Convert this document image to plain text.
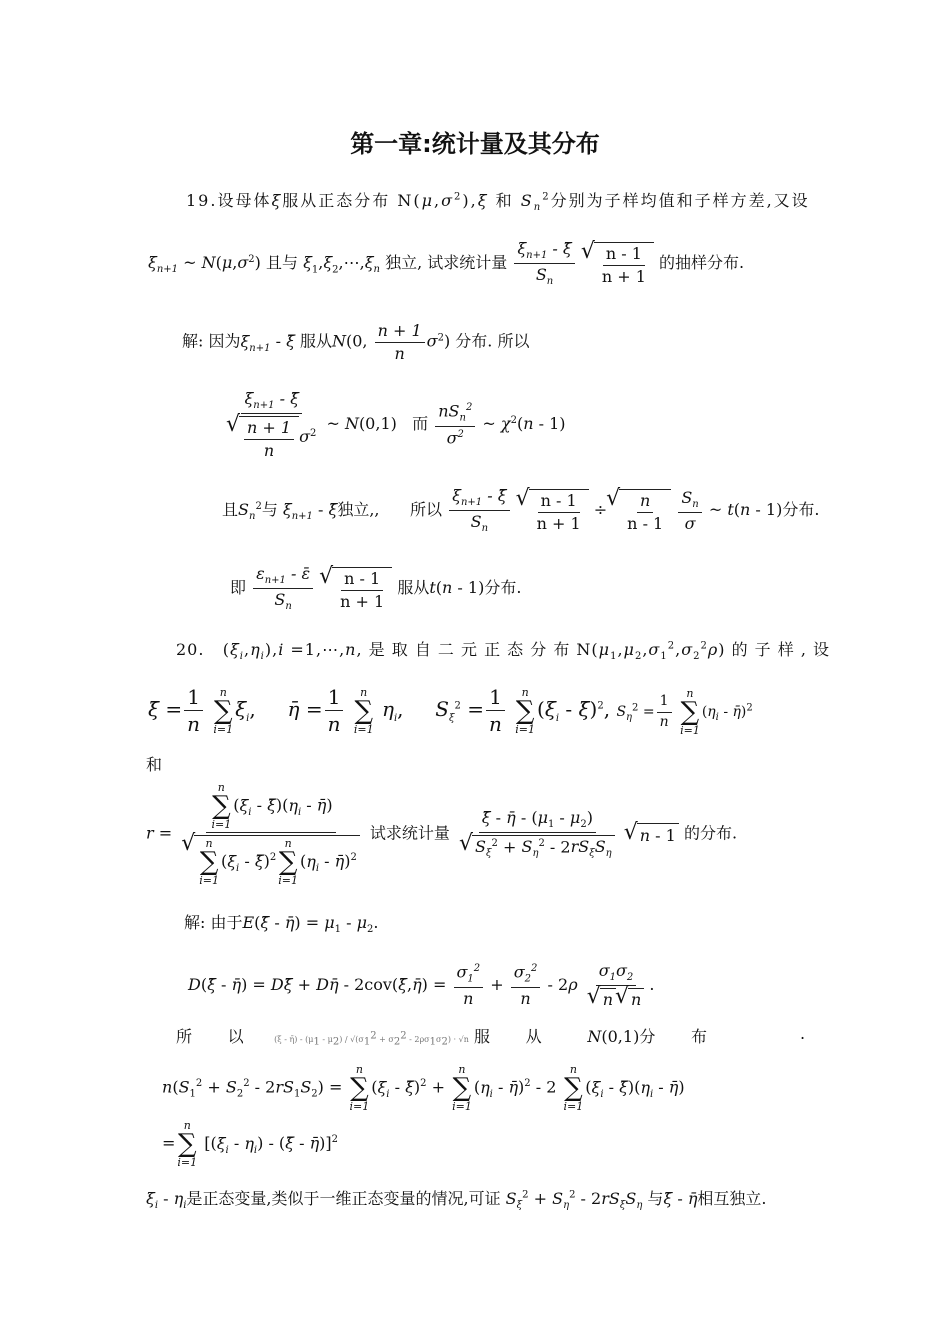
第一章:统计量及其分布
19.设母体ξ服从正态分布 $N(\mu,\sigma^2),\xi$ 和 $S_n^2$分别为子样均值和子样方差,又设
$\xi_{n+1}$ ~ $N(\mu,\sigma^2)$ 且与 $\xi_1,\xi_2,\cdots,\xi_n$ 独立, 试求统计量 $\frac{\xi_{n+1} - \xī}{S_n}$
√ $\frac{n - 1}{n + 1}$ 的抽样分布.
解: 因为$\xi_{n+1}$ - ξ̄ 服从N(0, $\frac{n + 1}{n} \sigma^2$) 分布. 所以
$\xi_{n+1}$ - ξ̄
√ $\frac{n + 1}{n} \sigma^2$ ~ N(0,1)   而 $\frac{nS_n^2}{\sigma^2}$ ~ $\chi^2(n - 1)$
且$S_n^2$与 $\xi_{n+1}$ - ξ̄独立,, 所以 $\frac{\xi_{n+1} - \xī}{S_n}$
√ $\frac{n - 1}{n + 1}$ ÷ √ $\frac{n}{n - 1}$
$\frac{S_n}{\sigma}$ ~ t(n - 1)分布.
即 $\frac{\varepsilon_{n+1} - \varepsilon̄}{S_n}$
√ $\frac{n - 1}{n + 1}$ 服从t(n - 1)分布.
20.   $(\xi_i,\eta_i),i$ =1,⋯,n, 是 取 自 二 元 正 态 分 布 $N(\mu_1,\mu_2,\sigma_1^2,\sigma_2^2\rho)$ 的 子 样 , 设
ξ̄ = $\frac{1}{n}$
n
∑
i=1
$\xi_i$,     η̄ = $\frac{1}{n}$
n
∑
i=1
$\eta_i$,     $S_\xi^2 = \frac{1}{n}$
n
∑
i=1
($\xi_i$ - ξ̄)$^2$, $S_\eta^2 = \frac{1}{n}$

n
∑
i=1
($\eta_i$ - η̄)$^2$
和
r = n
∑
i=1
($\xi_i$ - $\xī)(\eta_i$ - η̄)
√ n
∑
i=1
($\xi_i$ - ξ̄)$^2$
n
∑
i=1
($\eta_i$ - η̄)$^2$ 试求统计量 ξ̄ - η̄ - $(\mu_1 - \mu_2)$
√ $S_\xi^2 + S_\eta^2 - 2rS_\xi S_\eta$ √ n - 1 的分布.
解: 由于E(ξ̄ - η̄) = $\mu_1 - \mu_2$.
D(ξ̄ - η̄) = Dξ̄ + Dη̄ - 2cov(ξ̄,η̄) = $\frac{\sigma_1^2}{n} + \frac{\sigma_2^2}{n} - 2\rho$ $\sigma_1\sigma_2$
√ n √ n .
所 以	(ξ̄ - η̄) - $(\mu_1 - \mu_2) / √(\sigma_1^2 + \sigma_2^2 - 2\rho\sigma_1\sigma_2) \cdot √n$ 服 从	N(0,1)分 布	.
$n(S_1^2 + S_2^2 - 2rS_1S_2)$ =
n
∑
i=1
($\xi_i$ - ξ̄)$^2$ +
n
∑
i=1
($\eta_i$ - η̄)$^2$ - 2
n
∑
i=1
($\xi_i$ - $\xī)(\eta_i$ - η̄)
=
n
∑
i=1
[$(\xi_i - \eta_i)$ - (ξ̄ - η̄)]$^2$
$\xi_i - \eta_i$是正态变量,类似于一维正态变量的情况,可证 $S_\xi^2 + S_\eta^2 - 2rS_\xi S_\eta$ 与ξ̄ - η̄相互独立.
